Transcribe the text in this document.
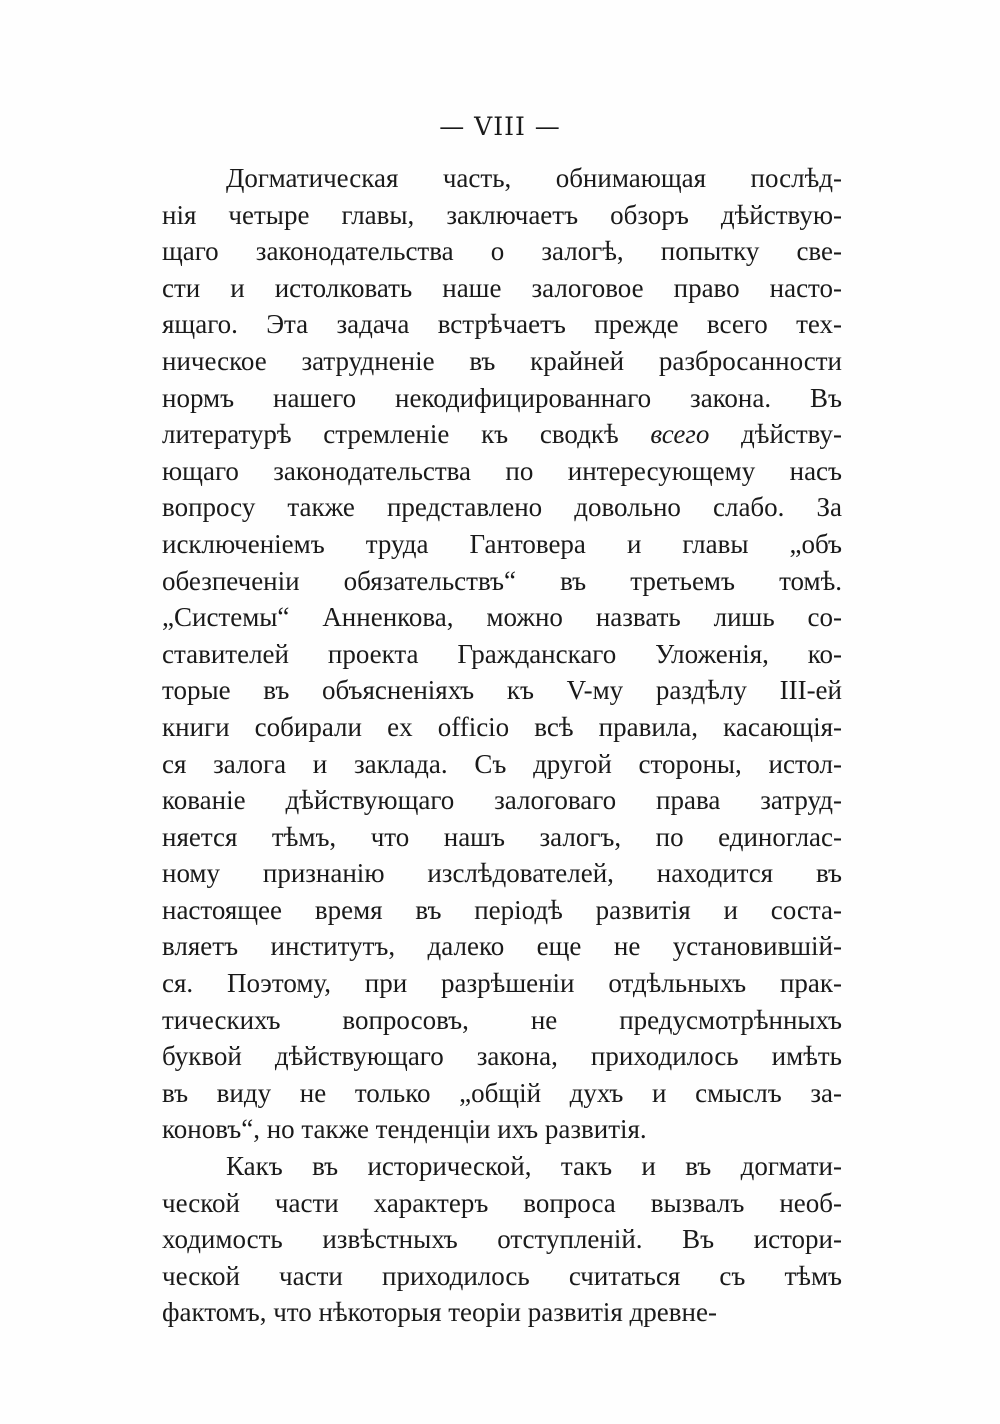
— VIII —
Догматическая часть, обнимающая послѣд-
нія четыре главы, заключаетъ обзоръ дѣйствую-
щаго законодательства о залогѣ, попытку све-
сти и истолковать наше залоговое право насто-
ящаго. Эта задача встрѣчаетъ прежде всего тех-
ническое затрудненіе въ крайней разбросанности
нормъ нашего некодифицированнаго закона. Въ
литературѣ стремленіе къ сводкѣ всего дѣйству-
ющаго законодательства по интересующему насъ
вопросу также представлено довольно слабо. За
исключеніемъ труда Гантовера и главы „объ
обезпеченіи обязательствъ“ въ третьемъ томѣ.
„Системы“ Анненкова, можно назвать лишь со-
ставителей проекта Гражданскаго Уложенія, ко-
торые въ объясненіяхъ къ V-му раздѣлу III-ей
книги собирали ex officio всѣ правила, касающія-
ся залога и заклада. Съ другой стороны, истол-
кованіе дѣйствующаго залоговаго права затруд-
няется тѣмъ, что нашъ залогъ, по единоглас-
ному признанію изслѣдователей, находится въ
настоящее время въ періодѣ развитія и соста-
вляетъ институтъ, далеко еще не установившій-
ся. Поэтому, при разрѣшеніи отдѣльныхъ прак-
тическихъ вопросовъ, не предусмотрѣнныхъ
буквой дѣйствующаго закона, приходилось имѣть
въ виду не только „общій духъ и смыслъ за-
коновъ“, но также тенденціи ихъ развитія.
Какъ въ исторической, такъ и въ догмати-
ческой части характеръ вопроса вызвалъ необ-
ходимость извѣстныхъ отступленій. Въ истори-
ческой части приходилось считаться съ тѣмъ
фактомъ, что нѣкоторыя теоріи развитія древне-
